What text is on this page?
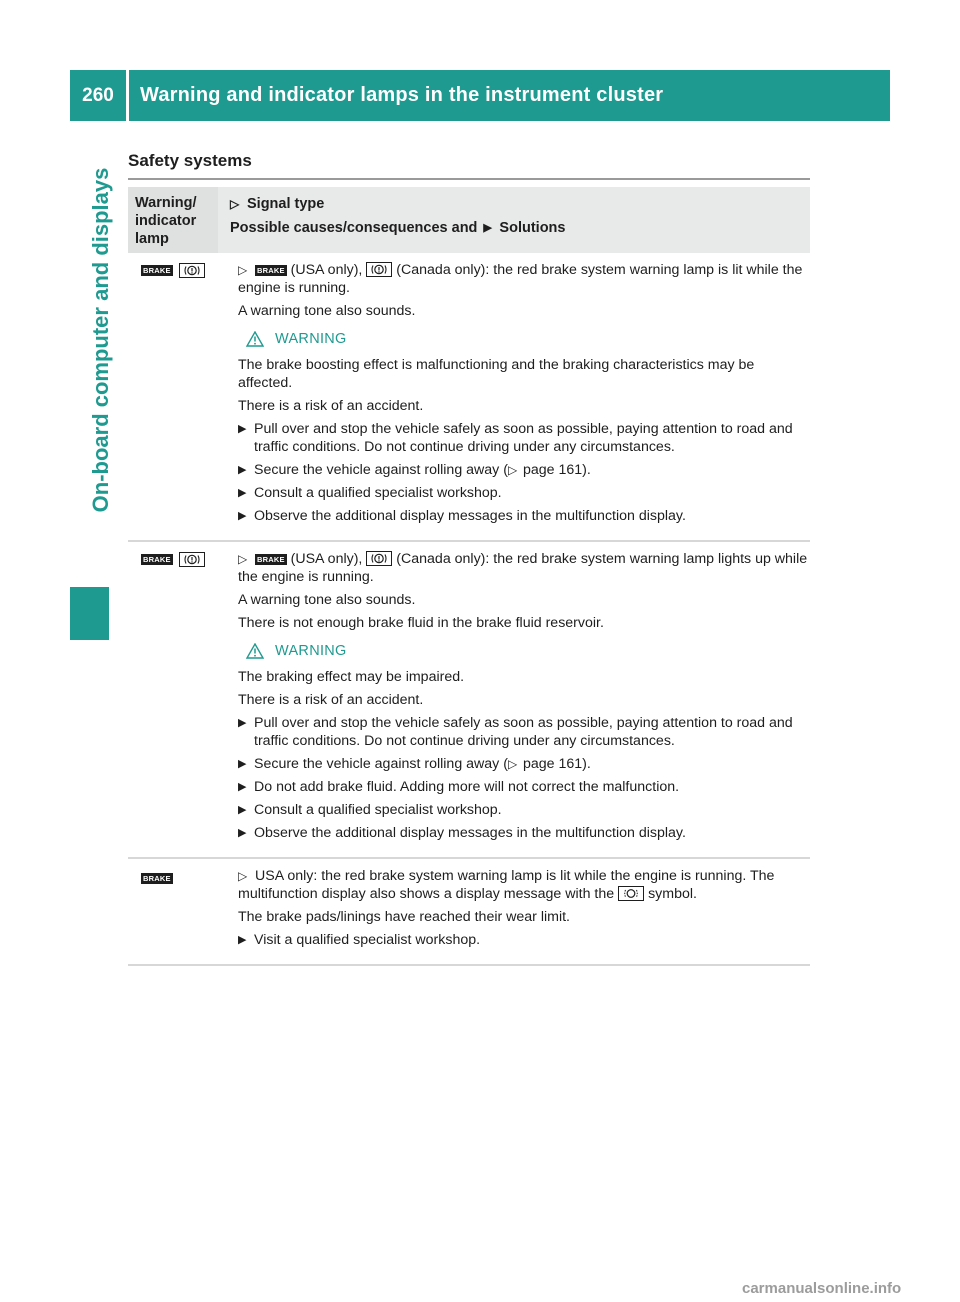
260	Warning and indicator lamps in the instrument cluster
On-board computer and displays
Safety systems
Warning/ indicator lamp
▷ Signal type
Possible causes/consequences and ▶ Solutions
BRAKE	▷ BRAKE (USA only), (Canada only): the red brake system warning lamp is lit while the engine is running.

A warning tone also sounds.

WARNING

The brake boosting effect is malfunctioning and the braking characteristics may be affected.

There is a risk of an accident.

▶ Pull over and stop the vehicle safely as soon as possible, paying attention to road and traffic conditions. Do not continue driving under any circumstances.
▶ Secure the vehicle against rolling away (▷ page 161).
▶ Consult a qualified specialist workshop.
▶ Observe the additional display messages in the multifunction display.
BRAKE	▷ BRAKE (USA only), (Canada only): the red brake system warning lamp lights up while the engine is running.

A warning tone also sounds.

There is not enough brake fluid in the brake fluid reservoir.

WARNING

The braking effect may be impaired.

There is a risk of an accident.

▶ Pull over and stop the vehicle safely as soon as possible, paying attention to road and traffic conditions. Do not continue driving under any circumstances.
▶ Secure the vehicle against rolling away (▷ page 161).
▶ Do not add brake fluid. Adding more will not correct the malfunction.
▶ Consult a qualified specialist workshop.
▶ Observe the additional display messages in the multifunction display.
BRAKE	▷ USA only: the red brake system warning lamp is lit while the engine is running. The multifunction display also shows a display message with the symbol.

The brake pads/linings have reached their wear limit.

▶ Visit a qualified specialist workshop.
carmanualsonline.info
